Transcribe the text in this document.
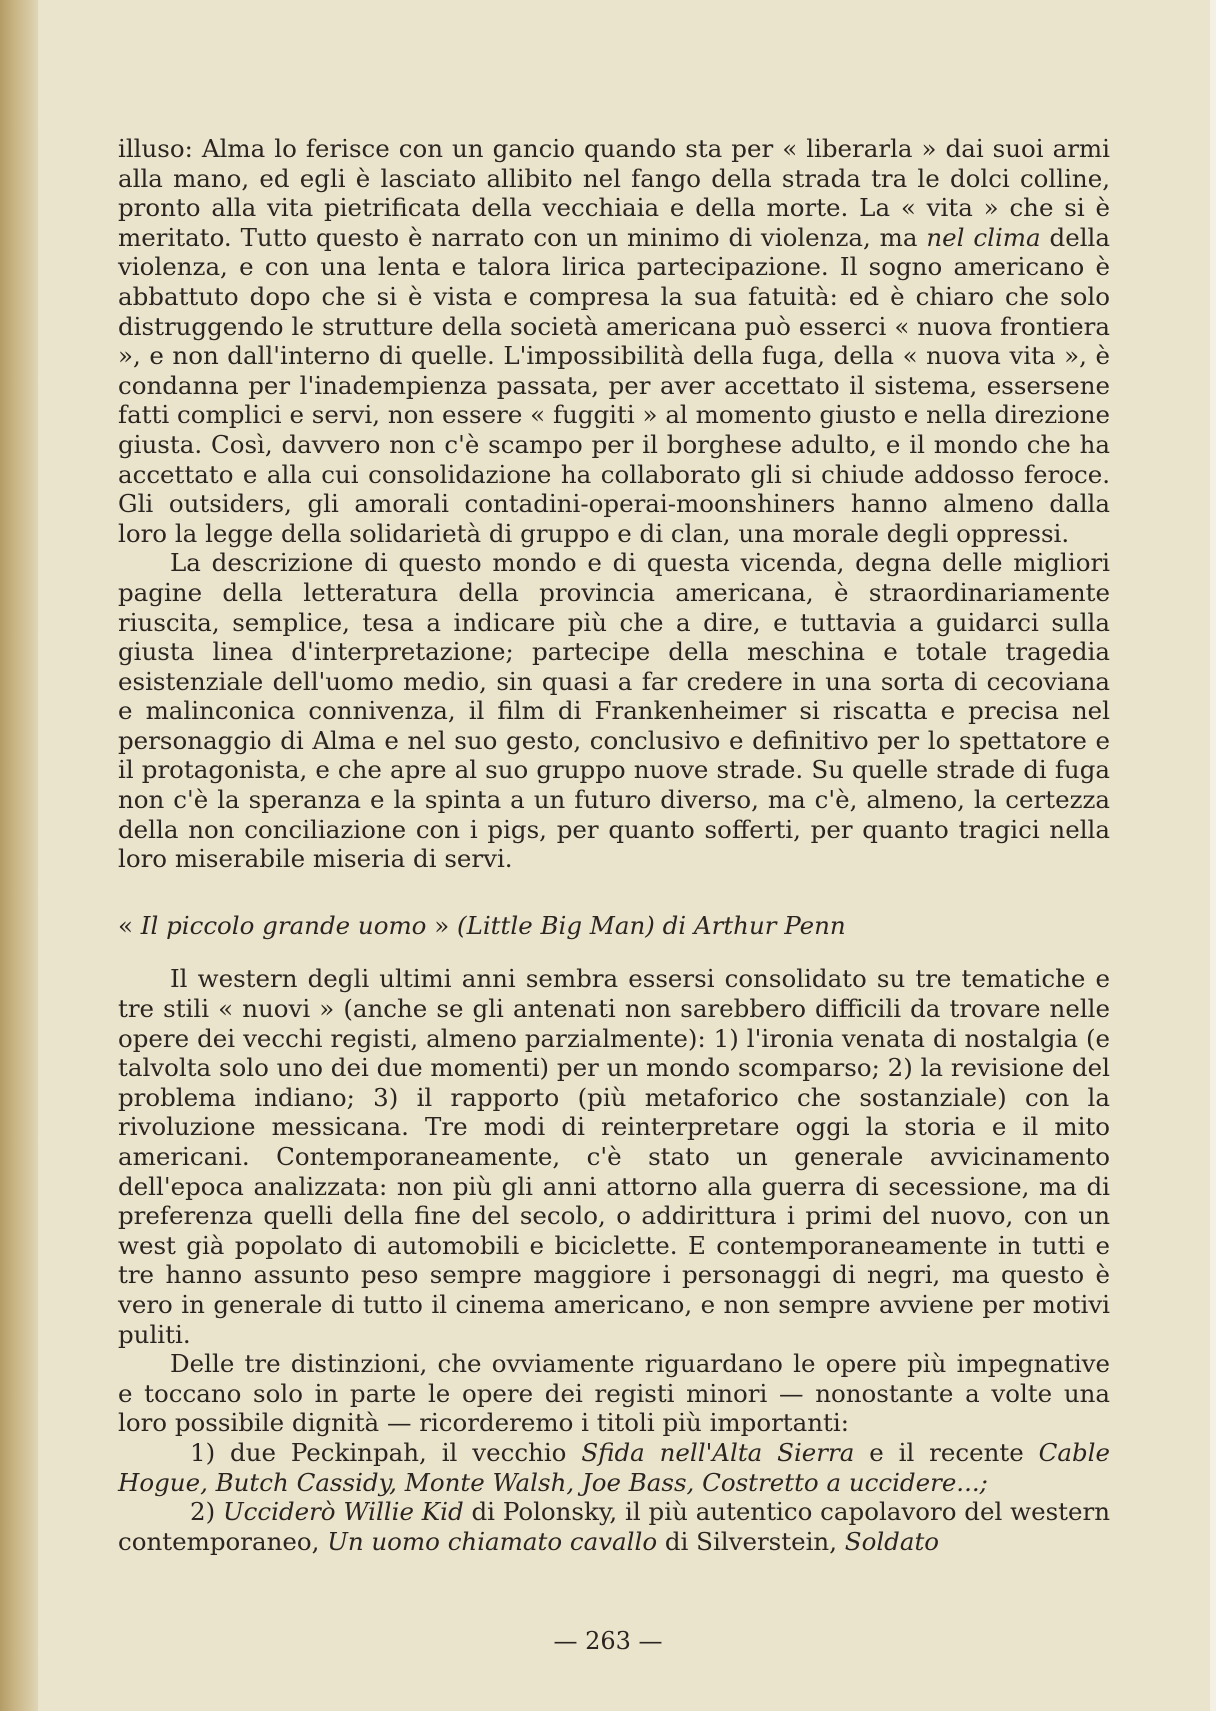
illuso: Alma lo ferisce con un gancio quando sta per « liberarla » dai suoi armi alla mano, ed egli è lasciato allibito nel fango della strada tra le dolci colline, pronto alla vita pietrificata della vecchiaia e della morte. La « vita » che si è meritato. Tutto questo è narrato con un minimo di violenza, ma nel clima della violenza, e con una lenta e talora lirica partecipazione. Il sogno americano è abbattuto dopo che si è vista e compresa la sua fatuità: ed è chiaro che solo distruggendo le strutture della società americana può esserci « nuova frontiera », e non dall'interno di quelle. L'impossibilità della fuga, della « nuova vita », è condanna per l'inadempienza passata, per aver accettato il sistema, essersene fatti complici e servi, non essere « fuggiti » al momento giusto e nella direzione giusta. Così, davvero non c'è scampo per il borghese adulto, e il mondo che ha accettato e alla cui consolidazione ha collaborato gli si chiude addosso feroce. Gli outsiders, gli amorali contadini-operai-moonshiners hanno almeno dalla loro la legge della solidarietà di gruppo e di clan, una morale degli oppressi.

La descrizione di questo mondo e di questa vicenda, degna delle migliori pagine della letteratura della provincia americana, è straordinariamente riuscita, semplice, tesa a indicare più che a dire, e tuttavia a guidarci sulla giusta linea d'interpretazione; partecipe della meschina e totale tragedia esistenziale dell'uomo medio, sin quasi a far credere in una sorta di cecoviana e malinconica connivenza, il film di Frankenheimer si riscatta e precisa nel personaggio di Alma e nel suo gesto, conclusivo e definitivo per lo spettatore e il protagonista, e che apre al suo gruppo nuove strade. Su quelle strade di fuga non c'è la speranza e la spinta a un futuro diverso, ma c'è, almeno, la certezza della non conciliazione con i pigs, per quanto sofferti, per quanto tragici nella loro miserabile miseria di servi.

« Il piccolo grande uomo » (Little Big Man) di Arthur Penn

Il western degli ultimi anni sembra essersi consolidato su tre tematiche e tre stili « nuovi » (anche se gli antenati non sarebbero difficili da trovare nelle opere dei vecchi registi, almeno parzialmente): 1) l'ironia venata di nostalgia (e talvolta solo uno dei due momenti) per un mondo scomparso; 2) la revisione del problema indiano; 3) il rapporto (più metaforico che sostanziale) con la rivoluzione messicana. Tre modi di reinterpretare oggi la storia e il mito americani. Contemporaneamente, c'è stato un generale avvicinamento dell'epoca analizzata: non più gli anni attorno alla guerra di secessione, ma di preferenza quelli della fine del secolo, o addirittura i primi del nuovo, con un west già popolato di automobili e biciclette. E contemporaneamente in tutti e tre hanno assunto peso sempre maggiore i personaggi di negri, ma questo è vero in generale di tutto il cinema americano, e non sempre avviene per motivi puliti.

Delle tre distinzioni, che ovviamente riguardano le opere più impegnative e toccano solo in parte le opere dei registi minori — nonostante a volte una loro possibile dignità — ricorderemo i titoli più importanti:

1) due Peckinpah, il vecchio Sfida nell'Alta Sierra e il recente Cable Hogue, Butch Cassidy, Monte Walsh, Joe Bass, Costretto a uccidere...;

2) Ucciderò Willie Kid di Polonsky, il più autentico capolavoro del western contemporaneo, Un uomo chiamato cavallo di Silverstein, Soldato

— 263 —
